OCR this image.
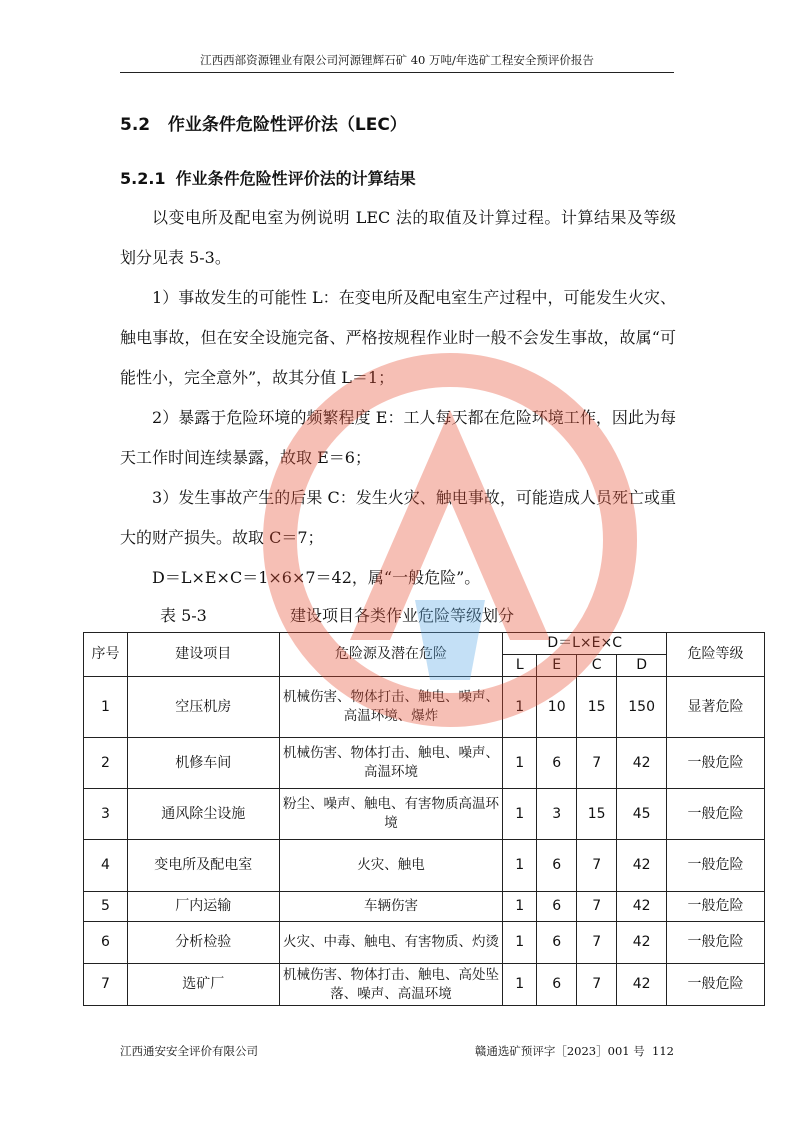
江西西部资源锂业有限公司河源锂辉石矿 40 万吨/年选矿工程安全预评价报告
5.2 作业条件危险性评价法（LEC）
5.2.1 作业条件危险性评价法的计算结果
以变电所及配电室为例说明 LEC 法的取值及计算过程。计算结果及等级划分见表 5-3。
1）事故发生的可能性 L：在变电所及配电室生产过程中，可能发生火灾、触电事故，但在安全设施完备、严格按规程作业时一般不会发生事故，故属“可能性小，完全意外”，故其分值 L＝1；
2）暴露于危险环境的频繁程度 E：工人每天都在危险环境工作，因此为每天工作时间连续暴露，故取 E＝6；
3）发生事故产生的后果 C：发生火灾、触电事故，可能造成人员死亡或重大的财产损失。故取 C＝7；
D＝L×E×C＝1×6×7＝42，属“一般危险”。
表 5-3	建设项目各类作业危险等级划分
序号	建设项目	危险源及潜在危险	D＝L×E×C				危险等级
			L	E	C	D	
1	空压机房	机械伤害、物体打击、触电、噪声、高温环境、爆炸	1	10	15	150	显著危险
2	机修车间	机械伤害、物体打击、触电、噪声、高温环境	1	6	7	42	一般危险
3	通风除尘设施	粉尘、噪声、触电、有害物质高温环境	1	3	15	45	一般危险
4	变电所及配电室	火灾、触电	1	6	7	42	一般危险
5	厂内运输	车辆伤害	1	6	7	42	一般危险
6	分析检验	火灾、中毒、触电、有害物质、灼烫	1	6	7	42	一般危险
7	选矿厂	机械伤害、物体打击、触电、高处坠落、噪声、高温环境	1	6	7	42	一般危险
江西通安安全评价有限公司	赣通选矿预评字［2023］001 号 112
